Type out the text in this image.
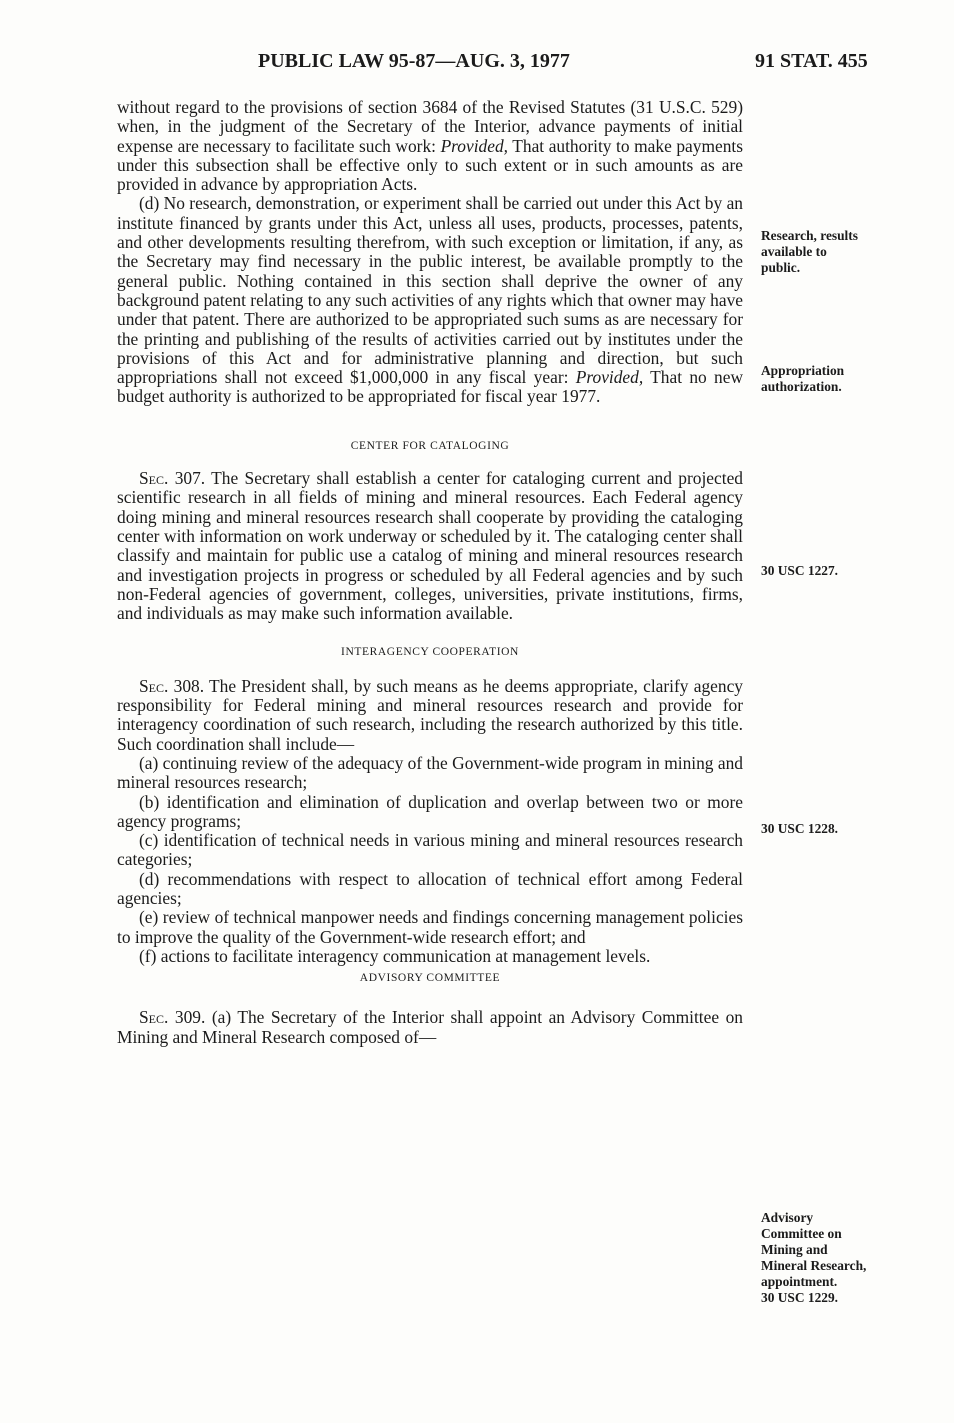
PUBLIC LAW 95-87—AUG. 3, 1977	91 STAT. 455

without regard to the provisions of section 3684 of the Revised Statutes (31 U.S.C. 529) when, in the judgment of the Secretary of the Interior, advance payments of initial expense are necessary to facilitate such work: Provided, That authority to make payments under this subsection shall be effective only to such extent or in such amounts as are provided in advance by appropriation Acts.

(d) No research, demonstration, or experiment shall be carried out under this Act by an institute financed by grants under this Act, unless all uses, products, processes, patents, and other developments resulting therefrom, with such exception or limitation, if any, as the Secretary may find necessary in the public interest, be available promptly to the general public. Nothing contained in this section shall deprive the owner of any background patent relating to any such activities of any rights which that owner may have under that patent. There are authorized to be appropriated such sums as are necessary for the printing and publishing of the results of activities carried out by institutes under the provisions of this Act and for administrative planning and direction, but such appropriations shall not exceed $1,000,000 in any fiscal year: Provided, That no new budget authority is authorized to be appropriated for fiscal year 1977.

CENTER FOR CATALOGING

Sec. 307. The Secretary shall establish a center for cataloging current and projected scientific research in all fields of mining and mineral resources. Each Federal agency doing mining and mineral resources research shall cooperate by providing the cataloging center with information on work underway or scheduled by it. The cataloging center shall classify and maintain for public use a catalog of mining and mineral resources research and investigation projects in progress or scheduled by all Federal agencies and by such non-Federal agencies of government, colleges, universities, private institutions, firms, and individuals as may make such information available.

INTERAGENCY COOPERATION

Sec. 308. The President shall, by such means as he deems appropriate, clarify agency responsibility for Federal mining and mineral resources research and provide for interagency coordination of such research, including the research authorized by this title. Such coordination shall include—

(a) continuing review of the adequacy of the Government-wide program in mining and mineral resources research;

(b) identification and elimination of duplication and overlap between two or more agency programs;

(c) identification of technical needs in various mining and mineral resources research categories;

(d) recommendations with respect to allocation of technical effort among Federal agencies;

(e) review of technical manpower needs and findings concerning management policies to improve the quality of the Government-wide research effort; and

(f) actions to facilitate interagency communication at management levels.

ADVISORY COMMITTEE

Sec. 309. (a) The Secretary of the Interior shall appoint an Advisory Committee on Mining and Mineral Research composed of—

Research, results
available to
public.
Appropriation
authorization.
30 USC 1227.
30 USC 1228.
Advisory
Committee on
Mining and
Mineral Research,
appointment.
30 USC 1229.
